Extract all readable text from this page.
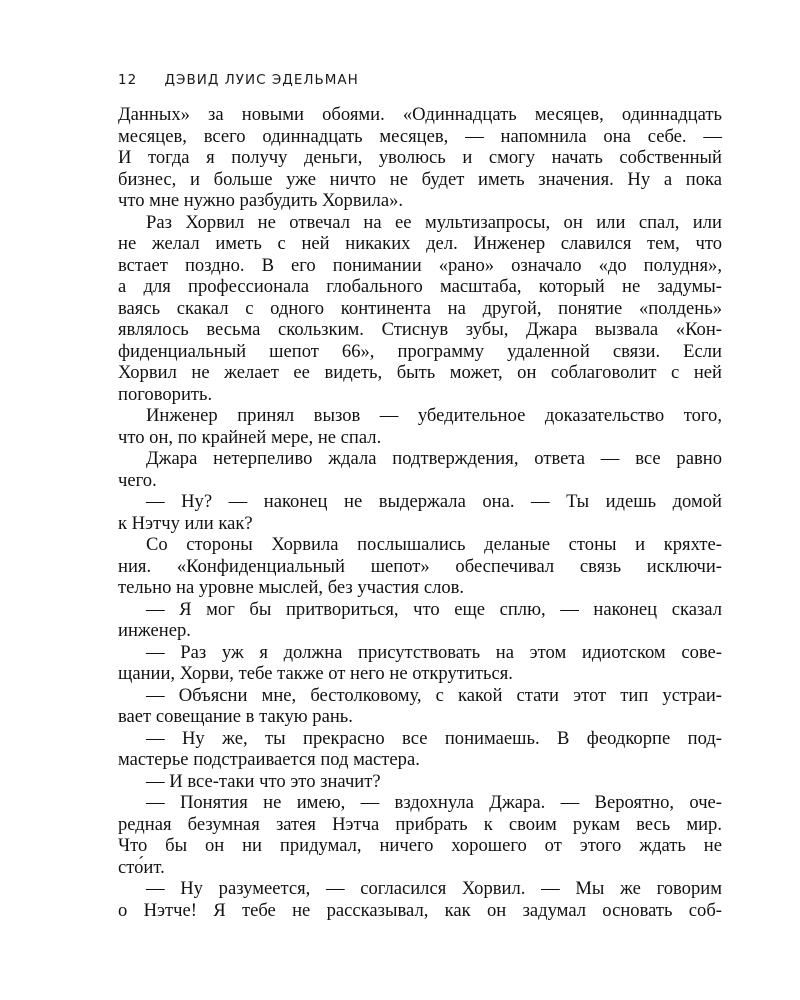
12 ДЭВИД ЛУИС ЭДЕЛЬМАН
Данных» за новыми обоями. «Одиннадцать месяцев, одиннадцать
месяцев, всего одиннадцать месяцев, — напомнила она себе. —
И тогда я получу деньги, уволюсь и смогу начать собственный
бизнес, и больше уже ничто не будет иметь значения. Ну а пока
что мне нужно разбудить Хорвила».
Раз Хорвил не отвечал на ее мультизапросы, он или спал, или
не желал иметь с ней никаких дел. Инженер славился тем, что
встает поздно. В его понимании «рано» означало «до полудня»,
а для профессионала глобального масштаба, который не задумы-
ваясь скакал с одного континента на другой, понятие «полдень»
являлось весьма скользким. Стиснув зубы, Джара вызвала «Кон-
фиденциальный шепот 66», программу удаленной связи. Если
Хорвил не желает ее видеть, быть может, он соблаговолит с ней
поговорить.
Инженер принял вызов — убедительное доказательство того,
что он, по крайней мере, не спал.
Джара нетерпеливо ждала подтверждения, ответа — все равно
чего.
— Ну? — наконец не выдержала она. — Ты идешь домой
к Нэтчу или как?
Со стороны Хорвила послышались деланые стоны и кряхте-
ния. «Конфиденциальный шепот» обеспечивал связь исключи-
тельно на уровне мыслей, без участия слов.
— Я мог бы притвориться, что еще сплю, — наконец сказал
инженер.
— Раз уж я должна присутствовать на этом идиотском сове-
щании, Хорви, тебе также от него не открутиться.
— Объясни мне, бестолковому, с какой стати этот тип устраи-
вает совещание в такую рань.
— Ну же, ты прекрасно все понимаешь. В феодкорпе под-
мастерье подстраивается под мастера.
— И все-таки что это значит?
— Понятия не имею, — вздохнула Джара. — Вероятно, оче-
редная безумная затея Нэтча прибрать к своим рукам весь мир.
Что бы он ни придумал, ничего хорошего от этого ждать не
сто́ит.
— Ну разумеется, — согласился Хорвил. — Мы же говорим
о Нэтче! Я тебе не рассказывал, как он задумал основать соб-
